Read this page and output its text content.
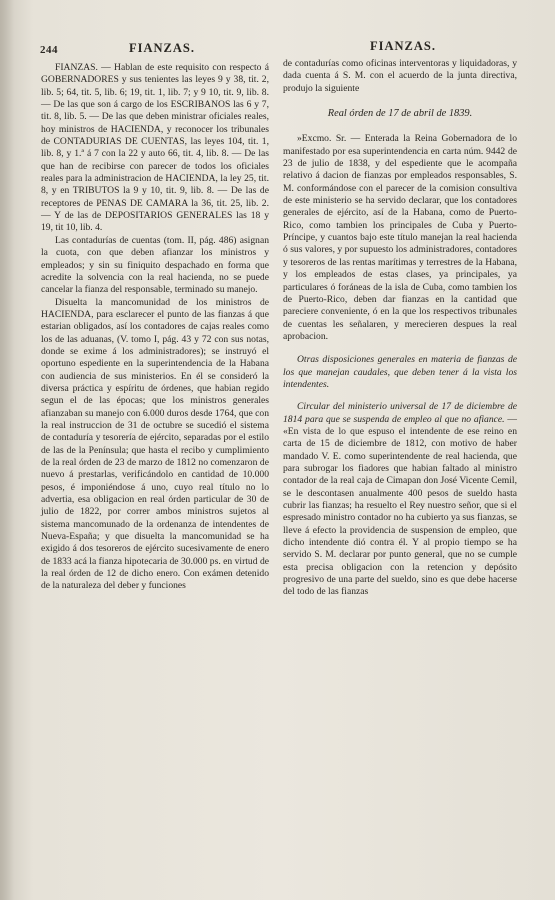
244	FIANZAS.	FIANZAS.

FIANZAS. — Hablan de este requisito con respecto á GOBERNADORES y sus tenientes las leyes 9 y 38, tit. 2, lib. 5; 64, tit. 5, lib. 6; 19, tit. 1, lib. 7; y 9 10, tit. 9, lib. 8. — De las que son á cargo de los ESCRIBANOS las 6 y 7, tit. 8, lib. 5. — De las que deben ministrar oficiales reales, hoy ministros de HACIENDA, y reconocer los tribunales de CONTADURIAS DE CUENTAS, las leyes 104, tit. 1, lib. 8, y 1.ª á 7 con la 22 y auto 66, tit. 4, lib. 8. — De las que han de recibirse con parecer de todos los oficiales reales para la administracion de HACIENDA, la ley 25, tit. 8, y en TRIBUTOS la 9 y 10, tit. 9, lib. 8. — De las de receptores de PENAS DE CAMARA la 36, tit. 25, lib. 2. — Y de las de DEPOSITARIOS GENERALES las 18 y 19, tit 10, lib. 4.

Las contadurías de cuentas (tom. II, pág. 486) asignan la cuota, con que deben afianzar los ministros y empleados; y sin su finiquito despachado en forma que acredite la solvencia con la real hacienda, no se puede cancelar la fianza del responsable, terminado su manejo.

Disuelta la mancomunidad de los ministros de HACIENDA, para esclarecer el punto de las fianzas á que estarian obligados, así los contadores de cajas reales como los de las aduanas, (V. tomo I, pág. 43 y 72 con sus notas, donde se exime á los administradores); se instruyó el oportuno espediente en la superintendencia de la Habana con audiencia de sus ministerios. En él se consideró la diversa práctica y espíritu de órdenes, que habian regido segun el de las épocas; que los ministros generales afianzaban su manejo con 6.000 duros desde 1764, que con la real instruccion de 31 de octubre se sucedió el sistema de contaduría y tesorería de ejército, separadas por el estilo de las de la Península; que hasta el recibo y cumplimiento de la real órden de 23 de marzo de 1812 no comenzaron de nuevo á prestarlas, verificándolo en cantidad de 10.000 pesos, é imponiéndose á uno, cuyo real título no lo advertia, esa obligacion en real órden particular de 30 de julio de 1822, por correr ambos ministros sujetos al sistema mancomunado de la ordenanza de intendentes de Nueva-España; y que disuelta la mancomunidad se ha exigido á dos tesoreros de ejército sucesivamente de enero de 1833 acá la fianza hipotecaria de 30.000 ps. en virtud de la real órden de 12 de dicho enero. Con exámen detenido de la naturaleza del deber y funciones

de contadurías como oficinas interventoras y liquidadoras, y dada cuenta á S. M. con el acuerdo de la junta directiva, produjo la siguiente

Real órden de 17 de abril de 1839.

»Excmo. Sr. — Enterada la Reina Gobernadora de lo manifestado por esa superintendencia en carta núm. 9442 de 23 de julio de 1838, y del espediente que le acompaña relativo á dacion de fianzas por empleados responsables, S. M. conformándose con el parecer de la comision consultiva de este ministerio se ha servido declarar, que los contadores generales de ejército, así de la Habana, como de Puerto-Rico, como tambien los principales de Cuba y Puerto-Príncipe, y cuantos bajo este título manejan la real hacienda ó sus valores, y por supuesto los administradores, contadores y tesoreros de las rentas marítimas y terrestres de la Habana, y los empleados de estas clases, ya principales, ya particulares ó foráneas de la isla de Cuba, como tambien los de Puerto-Rico, deben dar fianzas en la cantidad que pareciere conveniente, ó en la que los respectivos tribunales de cuentas les señalaren, y merecieren despues la real aprobacion.

Otras disposiciones generales en materia de fianzas de los que manejan caudales, que deben tener á la vista los intendentes.

Circular del ministerio universal de 17 de diciembre de 1814 para que se suspenda de empleo al que no afiance. — «En vista de lo que espuso el intendente de ese reino en carta de 15 de diciembre de 1812, con motivo de haber mandado V. E. como superintendente de real hacienda, que para subrogar los fiadores que habian faltado al ministro contador de la real caja de Cimapan don José Vicente Cemil, se le descontasen anualmente 400 pesos de sueldo hasta cubrir las fianzas; ha resuelto el Rey nuestro señor, que si el espresado ministro contador no ha cubierto ya sus fianzas, se lleve á efecto la providencia de suspension de empleo, que dicho intendente dió contra él. Y al propio tiempo se ha servido S. M. declarar por punto general, que no se cumple esta precisa obligacion con la retencion y depósito progresivo de una parte del sueldo, sino es que debe hacerse del todo de las fianzas
